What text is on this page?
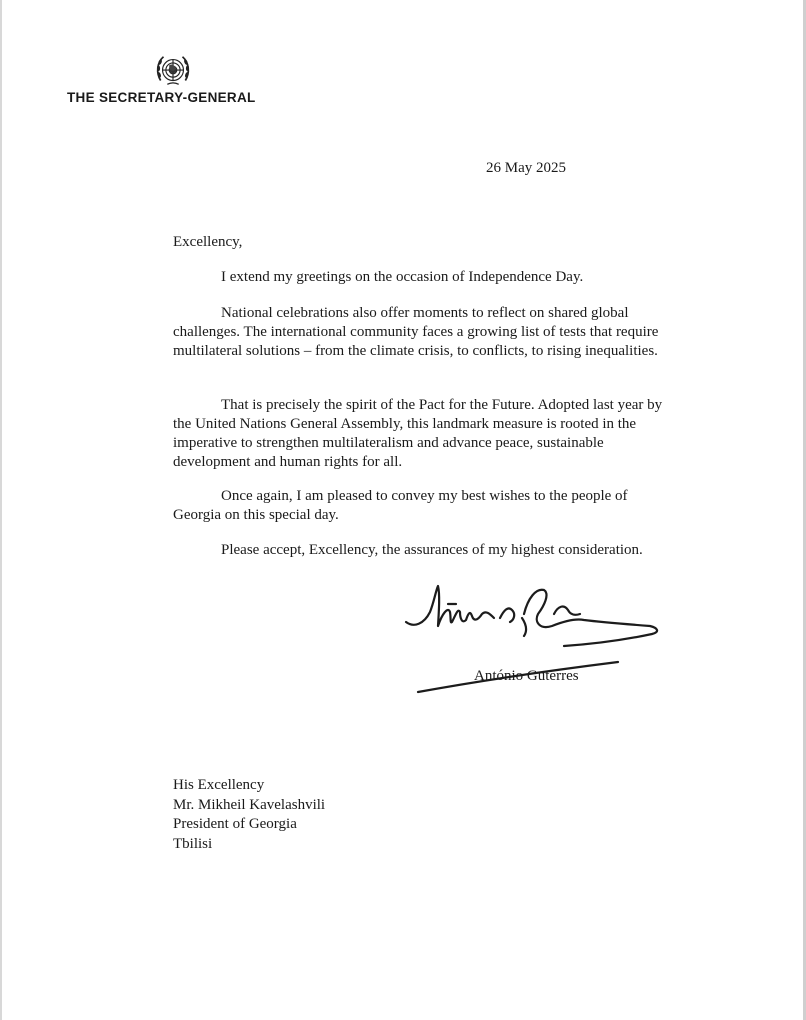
THE SECRETARY-GENERAL
26 May 2025
Excellency,
I extend my greetings on the occasion of Independence Day.
National celebrations also offer moments to reflect on shared global challenges. The international community faces a growing list of tests that require multilateral solutions – from the climate crisis, to conflicts, to rising inequalities.
That is precisely the spirit of the Pact for the Future. Adopted last year by the United Nations General Assembly, this landmark measure is rooted in the imperative to strengthen multilateralism and advance peace, sustainable development and human rights for all.
Once again, I am pleased to convey my best wishes to the people of Georgia on this special day.
Please accept, Excellency, the assurances of my highest consideration.
António Guterres
His Excellency
Mr. Mikheil Kavelashvili
President of Georgia
Tbilisi
